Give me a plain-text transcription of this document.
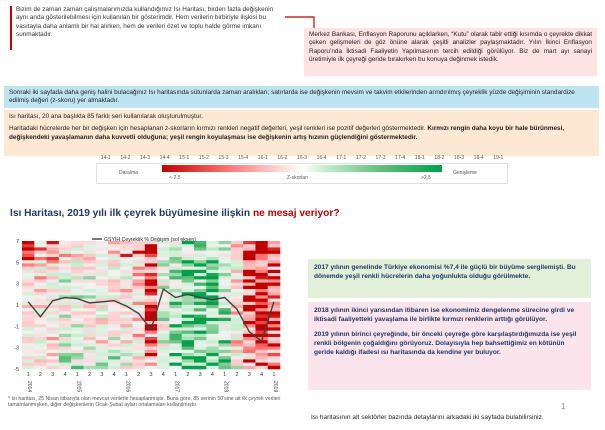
Bizim de zaman zaman çalışmalarımızda kullandığımız Isı Haritası, birden fazla değişkenin aynı anda gösterilebilmesi için kullanılan bir gösterimdir. Hem verilerin birbiriyle ilişkisi bu vasıtayla daha anlamlı bir hal alırken, hem de verileri özet ve toplu halde görme imkanı sunmaktadır.	Merkez Bankası, Enflasyon Raporunu açıklarken, “Kutu” olarak tabir ettiği kısımda o çeyrekte dikkat çeken gelişmeleri de göz önüne alarak çeşitli analizler paylaşmaktadır. Yılın İkinci Enflasyon Raporu’nda İktisadi Faaliyetin Yapılmasının tercih edildiği görülüyor. Biz de mart ayı sanayi üretimiyle ilk çeyreği geride bırakırken bu konuya değinmek istedik.
Sonraki iki sayfada daha geniş halini bulacağınız Isı haritasında sütunlarda zaman aralıkları; satırlarda ise değişkenin mevsim ve takvim etkilerinden arındırılmış çeyreklik yüzde değişiminin standardize edilmiş değeri (z-skoru) yer almaktadır.

Isı haritası, 20 ana başlıkta 85 farklı seri kullanılarak oluşturulmuştur.

Haritadaki hücrelerde her bir değişken için hesaplanan z-skorların kırmızı renkleri negatif değerleri, yeşil renkleri ise pozitif değerleri göstermektedir. Kırmızı rengin daha koyu bir hale bürünmesi, değişkendeki yavaşlamanın daha kuvvetli olduğuna; yeşil rengin koyulaşması ise değişkenin artış hızının güçlendiğini göstermektedir.

14-1	14-2	14-3	14-4	15-1	15-2	15-3	15-4	16-1	16-2	16-3	16-4	17-1	17-2	17-3	17-4	18-1	18-2	18-3	18-4	19-1
Daralma
Z-skorları
Genişleme
<-2,5	>2,5
Isı Haritası, 2019 yılı ilk çeyrek büyümesine ilişkin ne mesaj veriyor?
7
5
3
1
-1
-3
-5
GSYİH Çeyreklik % Değişim (sol eksen)
1 2 3 4 1 2 3 4 1 2 3 4 1 2 3 4 1 2 3 4 1
2014	2015	2016	2017	2018	2019
* Isı haritası, 25 Nisan itibarıyla olan mevcut verilerle hesaplanmıştır. Buna göre, 85 serinin 50’sine ait ilk çeyrek verileri tamamlanmışken, diğer değişkenlerin Ocak-Şubat ayları ortalamaları kullanılmıştır.
2017 yılının genelinde Türkiye ekonomisi %7,4 ile güçlü bir büyüme sergilemişti. Bu dönemde yeşil renkli hücrelerin daha yoğunlukta olduğu görülmekte.

2018 yılının ikinci yarısından itibaren ise ekonomimiz dengelenme sürecine girdi ve iktisadi faaliyetteki yavaşlama ile birlikte kırmızı renklerin arttığı görülüyor.

2019 yılının birinci çeyreğinde, bir önceki çeyreğe göre karşılaştırdığımızda ise yeşil renkli bölgenin çoğaldığını görüyoruz. Dolayısıyla hep bahsettiğimiz en kötünün geride kaldığı ifadesi ısı haritasında da kendine yer buluyor.

1
Isı haritasının alt sektörler bazında detaylarını arkadaki iki sayfada bulabilirsiniz.
